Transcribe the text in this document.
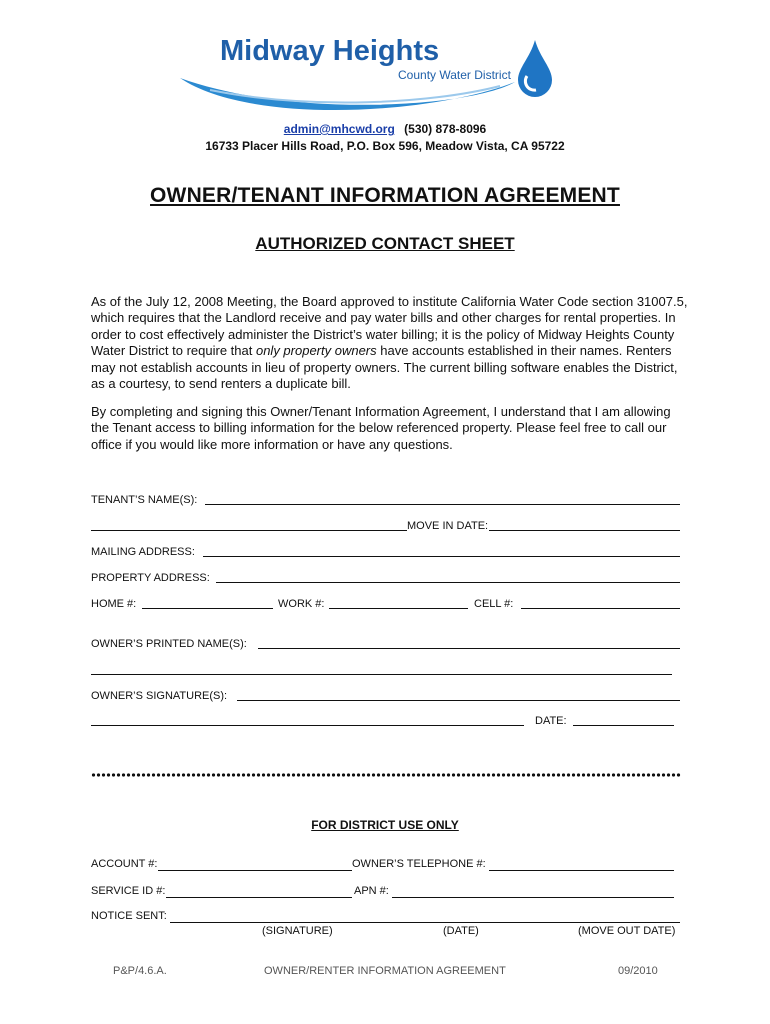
Midway Heights
County Water District
admin@mhcwd.org (530) 878-8096
16733 Placer Hills Road, P.O. Box 596, Meadow Vista, CA 95722
OWNER/TENANT INFORMATION AGREEMENT
AUTHORIZED CONTACT SHEET
As of the July 12, 2008 Meeting, the Board approved to institute California Water Code section 31007.5, which requires that the Landlord receive and pay water bills and other charges for rental properties. In order to cost effectively administer the District’s water billing; it is the policy of Midway Heights County Water District to require that only property owners have accounts established in their names. Renters may not establish accounts in lieu of property owners. The current billing software enables the District, as a courtesy, to send renters a duplicate bill.
By completing and signing this Owner/Tenant Information Agreement, I understand that I am allowing the Tenant access to billing information for the below referenced property. Please feel free to call our office if you would like more information or have any questions.
TENANT’S NAME(S):
MOVE IN DATE:
MAILING ADDRESS:
PROPERTY ADDRESS:
HOME #:	WORK #:	CELL #:
OWNER’S PRINTED NAME(S):
OWNER’S SIGNATURE(S):
DATE:
FOR DISTRICT USE ONLY
ACCOUNT #:	OWNER’S TELEPHONE #:
SERVICE ID #:	APN #:
NOTICE SENT:
(SIGNATURE)	(DATE)	(MOVE OUT DATE)
P&P/4.6.A.	OWNER/RENTER INFORMATION AGREEMENT	09/2010
